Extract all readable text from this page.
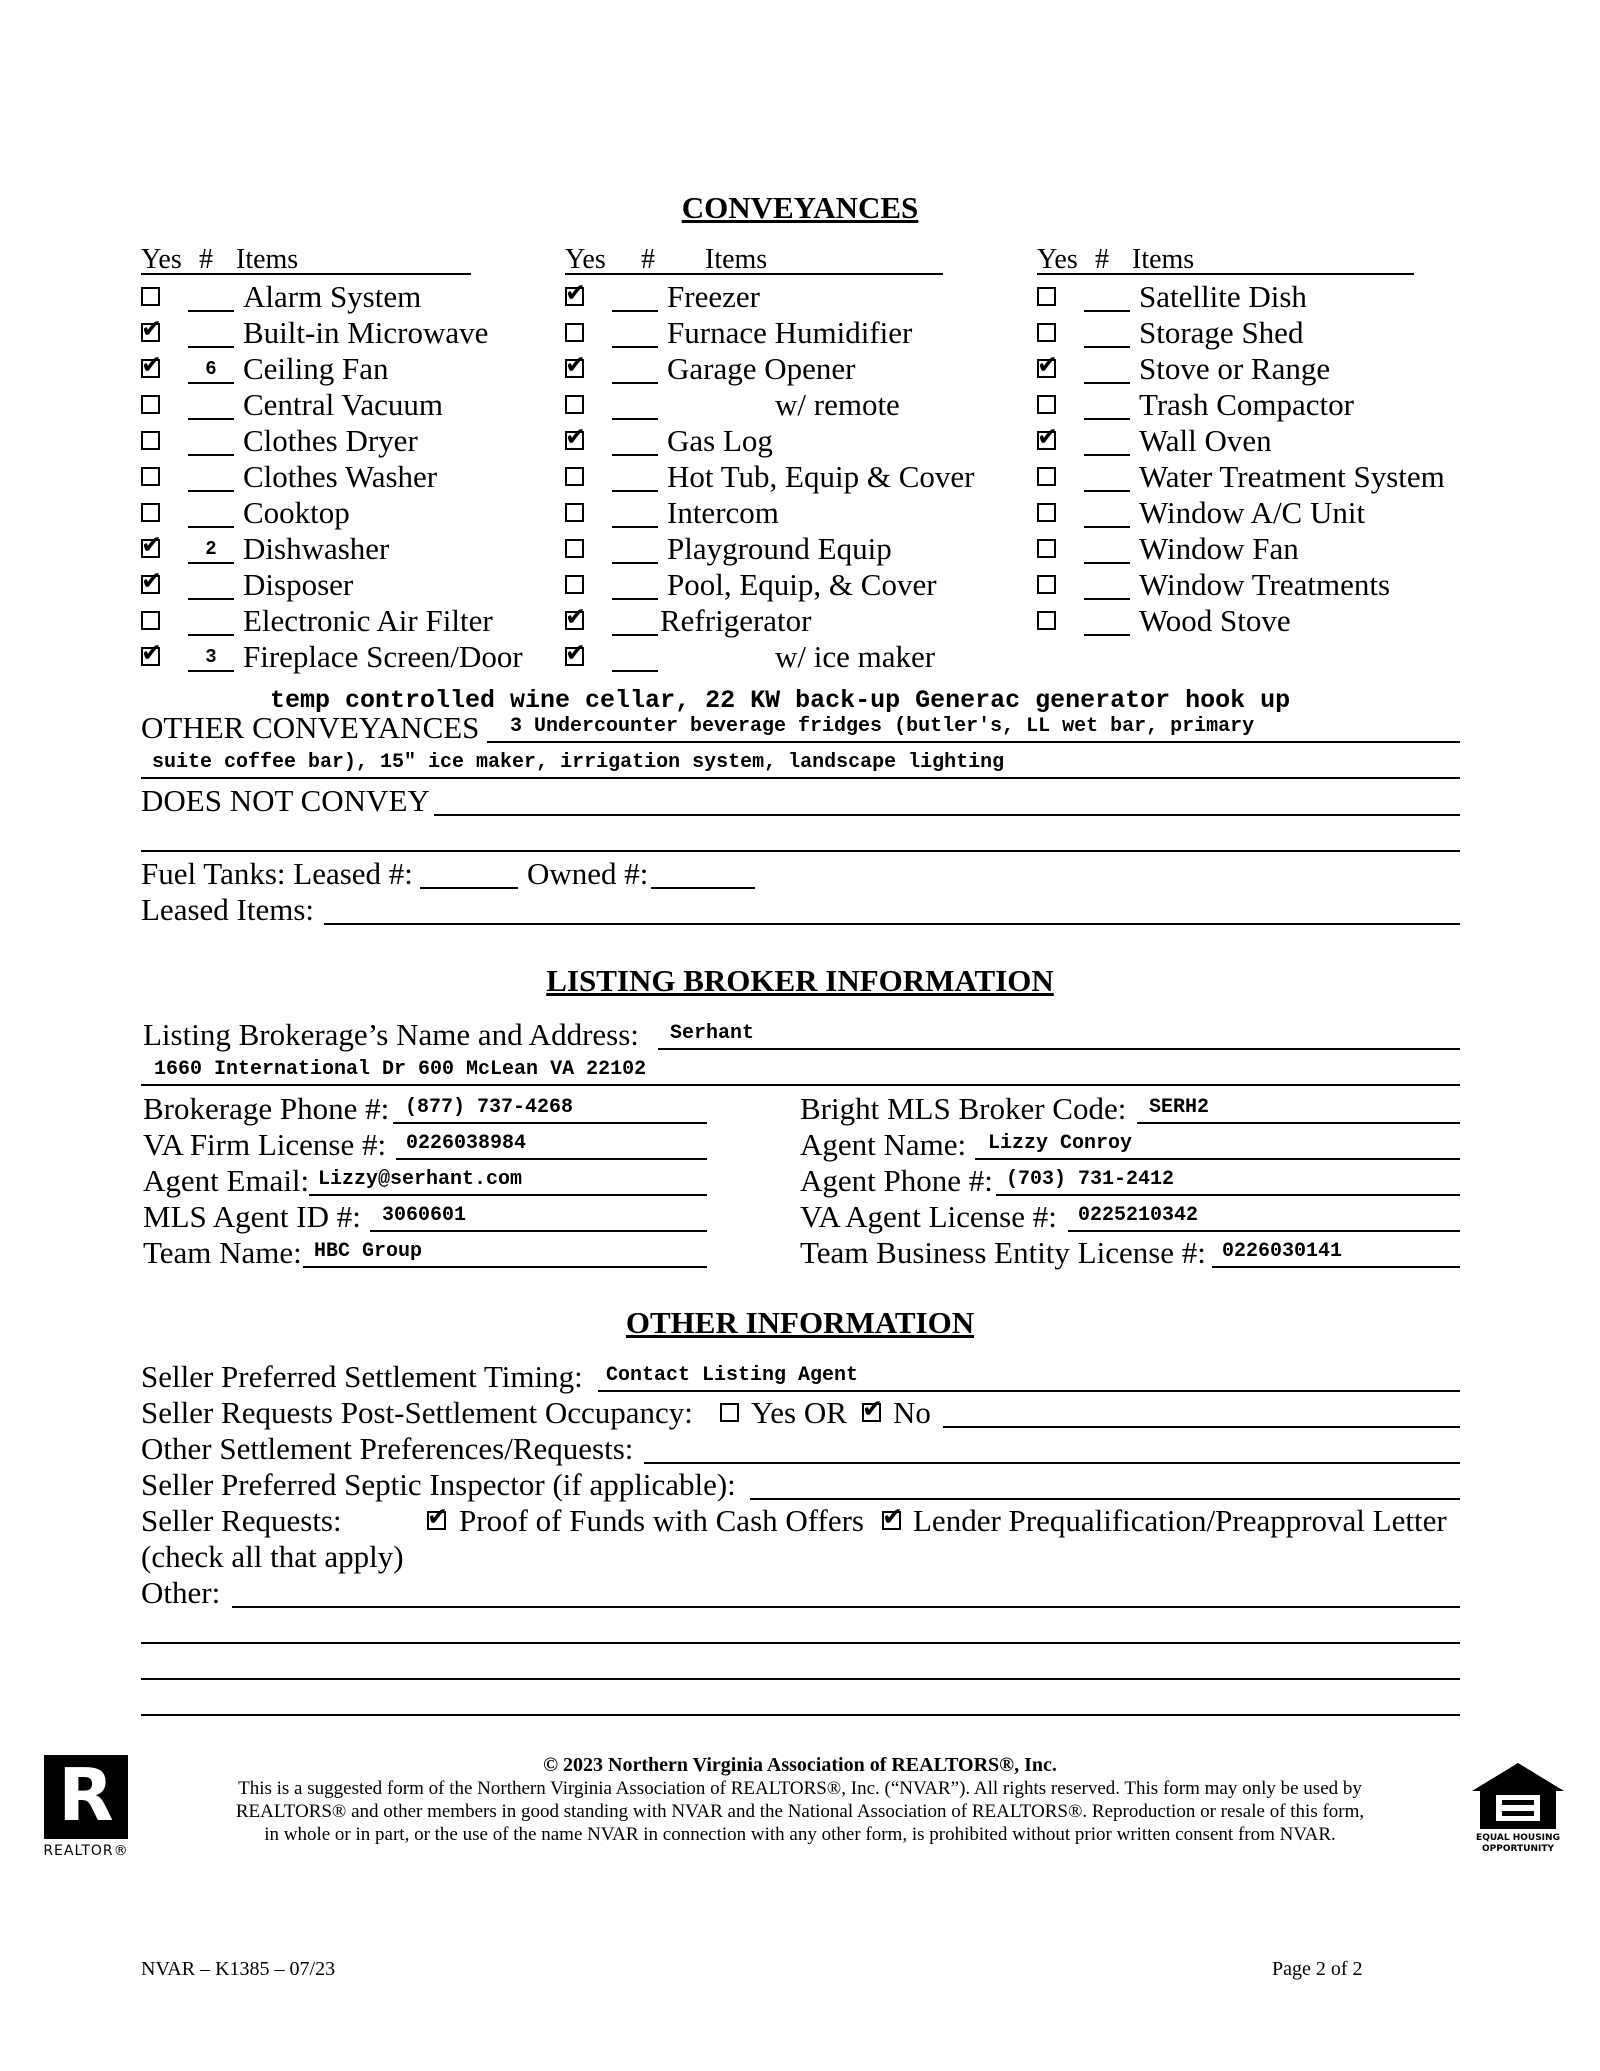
CONVEYANCES
Yes # Items	Yes # Items	Yes # Items
Alarm System
✔	Built-in Microwave
✔	6 Ceiling Fan
Central Vacuum
Clothes Dryer
Clothes Washer
Cooktop
✔	2 Dishwasher
✔	Disposer
Electronic Air Filter
✔	3 Fireplace Screen/Door
✔	Freezer
Furnace Humidifier
✔	Garage Opener
w/ remote
✔	Gas Log
Hot Tub, Equip & Cover
Intercom
Playground Equip
Pool, Equip, & Cover
✔ Refrigerator
✔	w/ ice maker
Satellite Dish
Storage Shed
✔	Stove or Range
Trash Compactor
✔	Wall Oven
Water Treatment System
Window A/C Unit
Window Fan
Window Treatments
Wood Stove
temp controlled wine cellar, 22 KW back-up Generac generator hook up
OTHER CONVEYANCES 3 Undercounter beverage fridges (butler's, LL wet bar, primary
suite coffee bar), 15" ice maker, irrigation system, landscape lighting
DOES NOT CONVEY
Fuel Tanks: Leased #:	Owned #:
Leased Items:
LISTING BROKER INFORMATION
Listing Brokerage’s Name and Address: Serhant
1660 International Dr 600 McLean VA 22102
Brokerage Phone #: (877) 737-4268
VA Firm License #: 0226038984
Agent Email: Lizzy@serhant.com
MLS Agent ID #: 3060601
Team Name: HBC Group
Bright MLS Broker Code: SERH2
Agent Name: Lizzy Conroy
Agent Phone #: (703) 731-2412
VA Agent License #: 0225210342
Team Business Entity License #: 0226030141
OTHER INFORMATION
Seller Preferred Settlement Timing: Contact Listing Agent
Seller Requests Post-Settlement Occupancy: Yes OR ✔ No
Other Settlement Preferences/Requests:
Seller Preferred Septic Inspector (if applicable):
Seller Requests:	✔ Proof of Funds with Cash Offers ✔ Lender Prequalification/Preapproval Letter
(check all that apply)
Other:
R
REALTOR®
© 2023 Northern Virginia Association of REALTORS®, Inc.
This is a suggested form of the Northern Virginia Association of REALTORS®, Inc. (“NVAR”). All rights reserved. This form may only be used by
REALTORS® and other members in good standing with NVAR and the National Association of REALTORS®. Reproduction or resale of this form,
in whole or in part, or the use of the name NVAR in connection with any other form, is prohibited without prior written consent from NVAR.	EQUAL HOUSING
OPPORTUNITY
NVAR – K1385 – 07/23	Page 2 of 2
